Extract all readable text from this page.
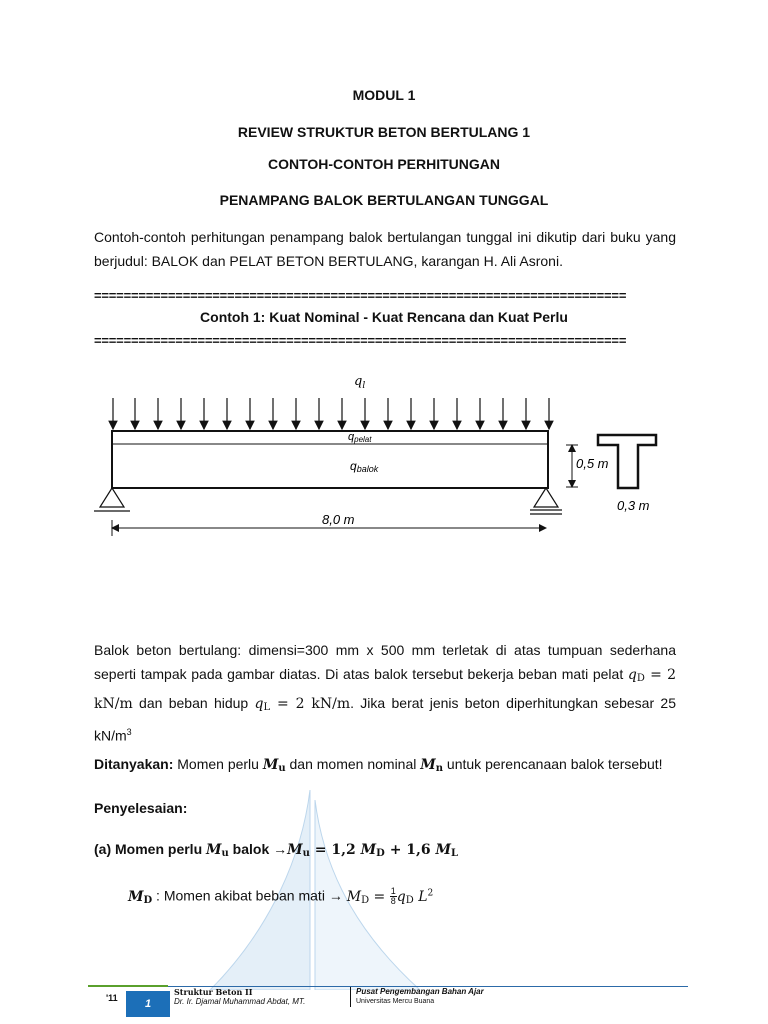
MODUL 1
REVIEW STRUKTUR BETON BERTULANG 1
CONTOH-CONTOH PERHITUNGAN
PENAMPANG BALOK BERTULANGAN TUNGGAL
Contoh-contoh perhitungan penampang balok bertulangan tunggal ini dikutip dari buku yang berjudul: BALOK dan PELAT BETON BERTULANG, karangan H. Ali Asroni.
========================================================================
Contoh 1: Kuat Nominal - Kuat Rencana dan Kuat Perlu
========================================================================
$q_l$
qpelat
qbalok
8,0 m
0,5 m
0,3 m
Balok beton bertulang: dimensi=300 mm x 500 mm terletak di atas tumpuan sederhana seperti tampak pada gambar diatas. Di atas balok tersebut bekerja beban mati pelat $q_D = 2$ kN/m dan beban hidup $q_L = 2$ kN/m. Jika berat jenis beton diperhitungkan sebesar 25 $kN/m^3$
Ditanyakan: Momen perlu $M_u$ dan momen nominal $M_n$ untuk perencanaan balok tersebut!
Penyelesaian:
(a) Momen perlu $M_u$ balok $\to M_u = 1,2$ $M_D + 1,6$ $M_L$
$M_D$ : Momen akibat beban mati → $M_D = \frac{1}{8} q_D$ $L^2$
'11	1
Struktur Beton II
Dr. Ir. Djamal Muhammad Abdat, MT.
Pusat Pengembangan Bahan Ajar
Universitas Mercu Buana
